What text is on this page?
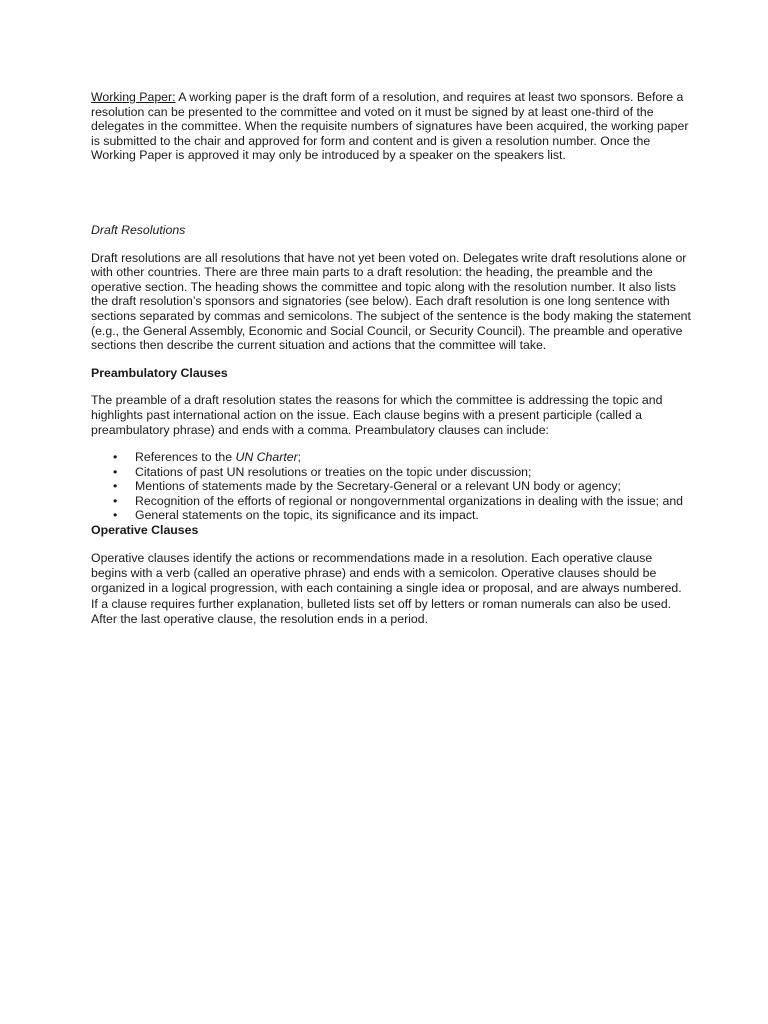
Working Paper: A working paper is the draft form of a resolution, and requires at least two sponsors. Before a resolution can be presented to the committee and voted on it must be signed by at least one-third of the delegates in the committee. When the requisite numbers of signatures have been acquired, the working paper is submitted to the chair and approved for form and content and is given a resolution number. Once the Working Paper is approved it may only be introduced by a speaker on the speakers list.

Draft Resolutions

Draft resolutions are all resolutions that have not yet been voted on. Delegates write draft resolutions alone or with other countries. There are three main parts to a draft resolution: the heading, the preamble and the operative section. The heading shows the committee and topic along with the resolution number. It also lists the draft resolution’s sponsors and signatories (see below). Each draft resolution is one long sentence with sections separated by commas and semicolons. The subject of the sentence is the body making the statement (e.g., the General Assembly, Economic and Social Council, or Security Council). The preamble and operative sections then describe the current situation and actions that the committee will take.

Preambulatory Clauses

The preamble of a draft resolution states the reasons for which the committee is addressing the topic and highlights past international action on the issue. Each clause begins with a present participle (called a preambulatory phrase) and ends with a comma. Preambulatory clauses can include:

• References to the UN Charter;
• Citations of past UN resolutions or treaties on the topic under discussion;
• Mentions of statements made by the Secretary-General or a relevant UN body or agency;
• Recognition of the efforts of regional or nongovernmental organizations in dealing with the issue; and
• General statements on the topic, its significance and its impact.

Operative Clauses

Operative clauses identify the actions or recommendations made in a resolution. Each operative clause begins with a verb (called an operative phrase) and ends with a semicolon. Operative clauses should be organized in a logical progression, with each containing a single idea or proposal, and are always numbered. If a clause requires further explanation, bulleted lists set off by letters or roman numerals can also be used. After the last operative clause, the resolution ends in a period.
